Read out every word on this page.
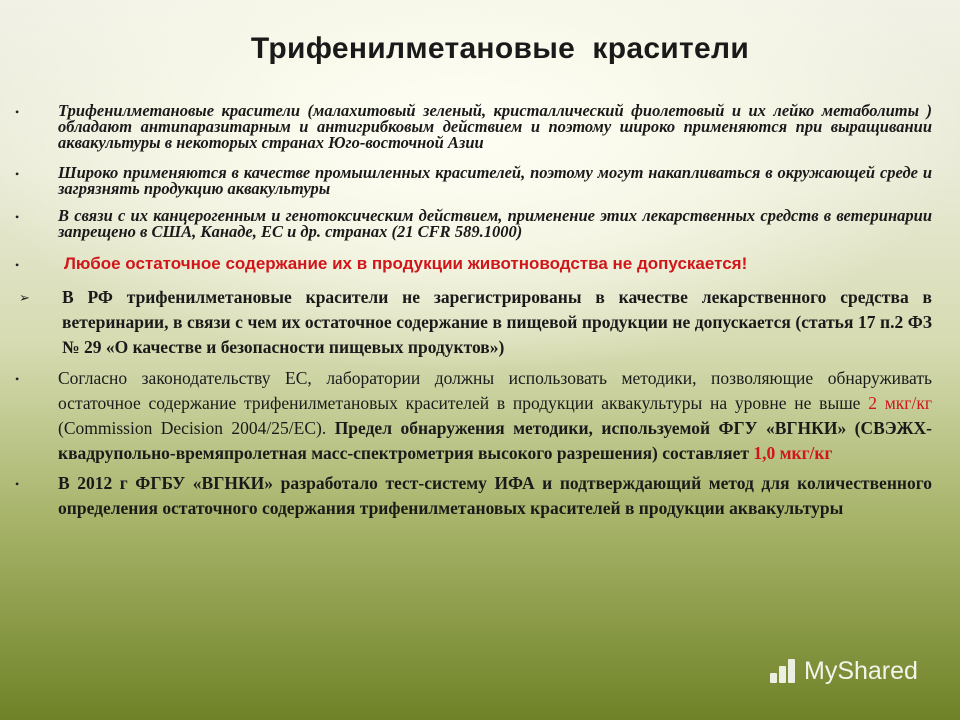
Трифенилметановые  красители
•	Трифенилметановые красители (малахитовый зеленый, кристаллический фиолетовый и их лейко метаболиты ) обладают антипаразитарным и антигрибковым действием и поэтому широко применяются при выращивании аквакультуры в некоторых странах Юго-восточной Азии
•	Широко применяются в качестве промышленных красителей, поэтому могут накапливаться в окружающей среде и загрязнять продукцию аквакультуры
•	В связи с их канцерогенным и генотоксическим действием, применение этих лекарственных средств в ветеринарии запрещено в США, Канаде, ЕС и др. странах (21 CFR 589.1000)
•	Любое остаточное содержание их в продукции животноводства не допускается!
➢	В РФ трифенилметановые красители не зарегистрированы в качестве лекарственного средства в ветеринарии, в связи с чем их остаточное содержание в пищевой продукции не допускается (статья 17 п.2 ФЗ № 29 «О качестве и безопасности пищевых продуктов»)
•	Согласно законодательству ЕС, лаборатории должны использовать методики, позволяющие обнаруживать остаточное содержание трифенилметановых красителей в продукции аквакультуры на уровне не выше 2 мкг/кг (Commission Decision 2004/25/EC). Предел обнаружения методики, используемой ФГУ «ВГНКИ» (СВЭЖХ- квадрупольно-времяпролетная масс-спектрометрия высокого разрешения) составляет 1,0 мкг/кг
•	В 2012 г ФГБУ «ВГНКИ» разработало тест-систему ИФА и подтверждающий метод для количественного определения остаточного содержания трифенилметановых красителей в продукции аквакультуры
MyShared
